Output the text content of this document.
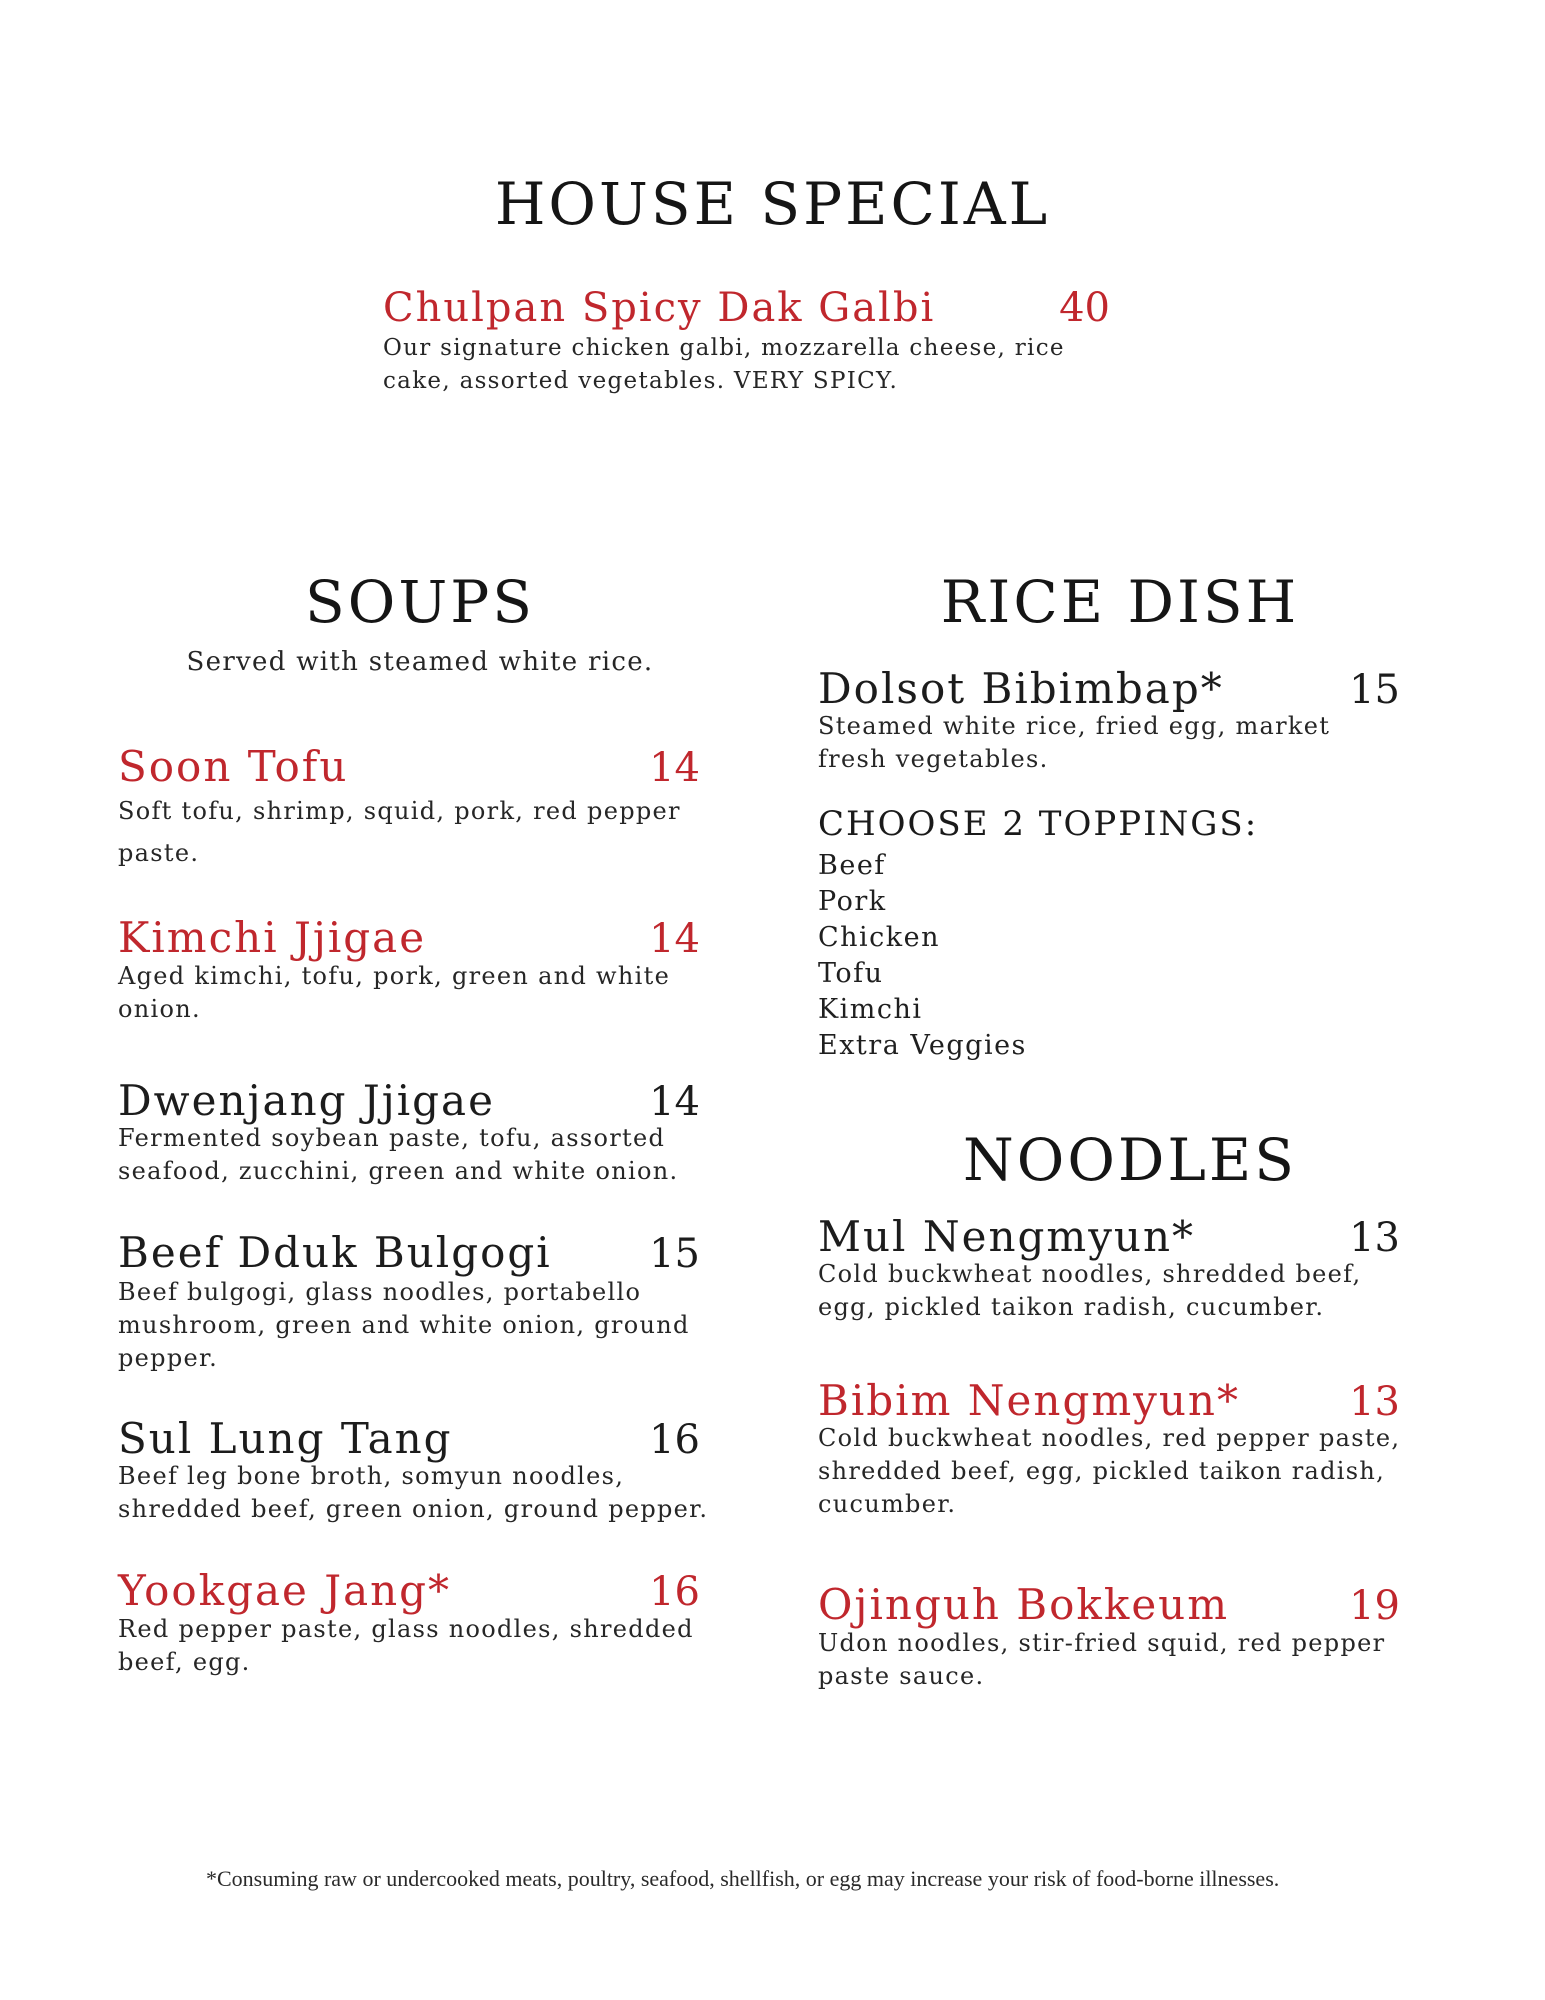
HOUSE SPECIAL
Chulpan Spicy Dak Galbi	40
Our signature chicken galbi, mozzarella cheese, rice
cake, assorted vegetables. VERY SPICY.
SOUPS
Served with steamed white rice.
Soon Tofu	14
Soft tofu, shrimp, squid, pork, red pepper paste.
Kimchi Jjigae	14
Aged kimchi, tofu, pork, green and white onion.
Dwenjang Jjigae	14
Fermented soybean paste, tofu, assorted seafood, zucchini, green and white onion.
Beef Dduk Bulgogi	15
Beef bulgogi, glass noodles, portabello mushroom, green and white onion, ground pepper.
Sul Lung Tang	16
Beef leg bone broth, somyun noodles, shredded beef, green onion, ground pepper.
Yookgae Jang*	16
Red pepper paste, glass noodles, shredded beef, egg.
RICE DISH
Dolsot Bibimbap*	15
Steamed white rice, fried egg, market fresh vegetables.
CHOOSE 2 TOPPINGS:
Beef
Pork
Chicken
Tofu
Kimchi
Extra Veggies
NOODLES
Mul Nengmyun*	13
Cold buckwheat noodles, shredded beef, egg, pickled taikon radish, cucumber.
Bibim Nengmyun*	13
Cold buckwheat noodles, red pepper paste, shredded beef, egg, pickled taikon radish, cucumber.
Ojinguh Bokkeum	19
Udon noodles, stir-fried squid, red pepper paste sauce.
*Consuming raw or undercooked meats, poultry, seafood, shellfish, or egg may increase your risk of food-borne illnesses.
